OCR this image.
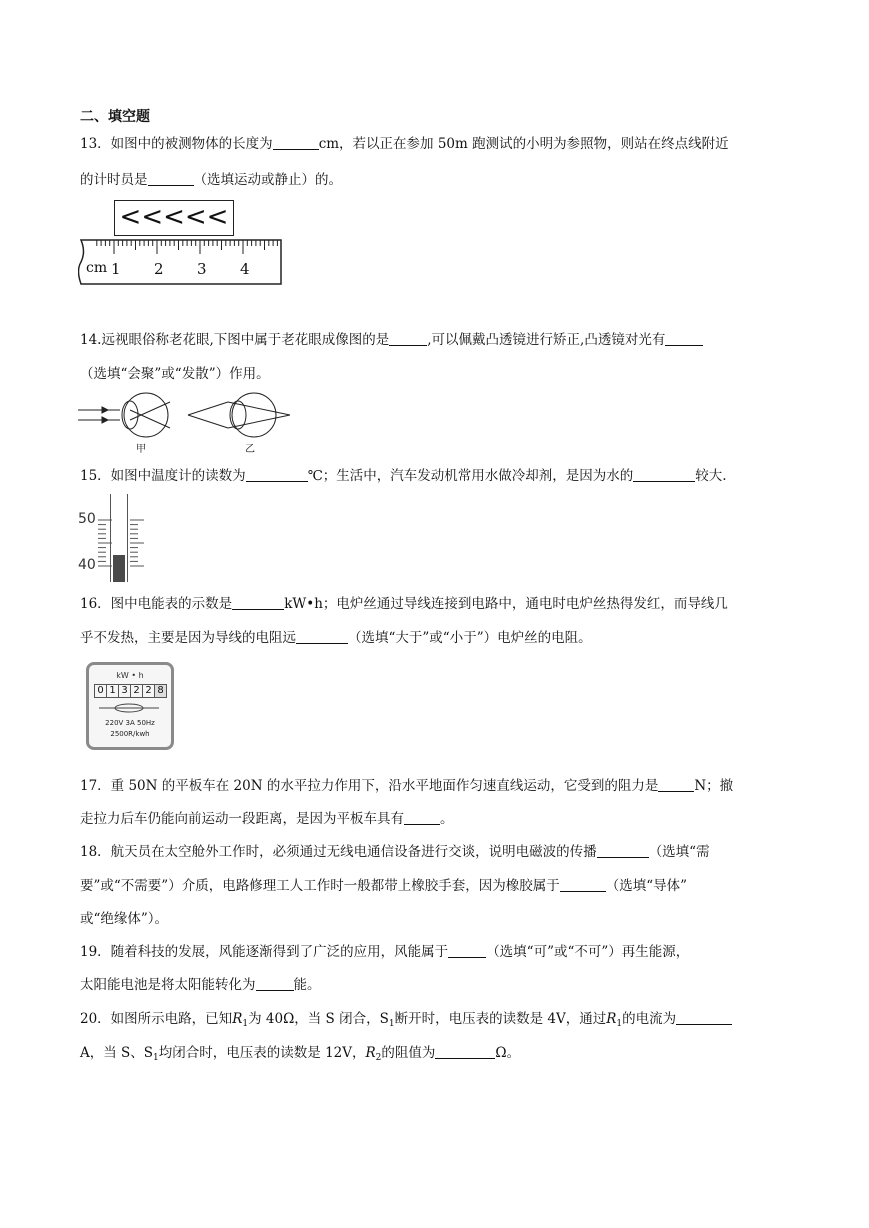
二、填空题
13．如图中的被测物体的长度为	cm，若以正在参加 50m 跑测试的小明为参照物，则站在终点线附近
的计时员是	（选填运动或静止）的。
<<<<<
cm 1 2 3 4
14.远视眼俗称老花眼,下图中属于老花眼成像图的是	,可以佩戴凸透镜进行矫正,凸透镜对光有
（选填“会聚”或“发散”）作用。
甲	乙
15．如图中温度计的读数为	℃；生活中，汽车发动机常用水做冷却剂，是因为水的	较大.
50
40
16．图中电能表的示数是	kW•h；电炉丝通过导线连接到电路中，通电时电炉丝热得发红，而导线几
乎不发热，主要是因为导线的电阻远	（选填“大于”或“小于”）电炉丝的电阻。
kW • h
0 1 3 2 2 8
220V 3A 50Hz
2500R/kwh
17．重 50N 的平板车在 20N 的水平拉力作用下，沿水平地面作匀速直线运动，它受到的阻力是	N；撤
走拉力后车仍能向前运动一段距离，是因为平板车具有	。
18．航天员在太空舱外工作时，必须通过无线电通信设备进行交谈，说明电磁波的传播	（选填“需
要”或“不需要”）介质，电路修理工人工作时一般都带上橡胶手套，因为橡胶属于	（选填“导体”
或“绝缘体”）。
19．随着科技的发展，风能逐渐得到了广泛的应用，风能属于	（选填“可”或“不可”）再生能源，
太阳能电池是将太阳能转化为	能。
20．如图所示电路，已知$R_1$为 40Ω，当 S 闭合，$S_1$断开时，电压表的读数是 4V，通过$R_1$的电流为
A，当 S、$S_1$均闭合时，电压表的读数是 12V，$R_2$的阻值为	Ω。
